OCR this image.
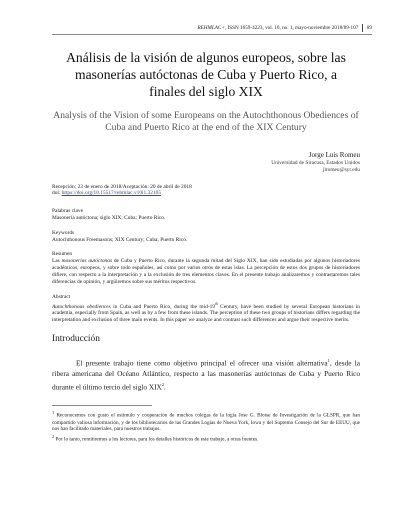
REHMLAC+ , ISSN 1659-4223, vol. 10, no. 1, mayo-noviembre 2018/89-107 89
Análisis de la visión de algunos europeos, sobre las masonerías autóctonas de Cuba y Puerto Rico, a finales del siglo XIX
Analysis of the Vision of some Europeans on the Autochthonous Obediences of Cuba and Puerto Rico at the end of the XIX Century
Jorge Luis Romeu
Universidad de Siracusa, Estados Unidos
jlromeu@syr.edu
Recepción: 23 de enero de 2018/Aceptación: 20 de abril de 2018
doi: https://doi.org/10.15517/rehmlac.v10i1.32105
Palabras clave
Masonería autóctona; siglo XIX; Cuba; Puerto Rico.
Keywords
Autochthonous Freemasons; XIX Century; Cuba; Puerto Rico.
Resumen

Las masonerías autóctonas de Cuba y Puerto Rico, durante la segunda mitad del Siglo XIX, han sido estudiadas por algunos historiadores académicos, europeos, y sobre todo españoles, así como por varios otros de estas islas. La percepción de estos dos grupos de historiadores difiere, con respecto a la interpretación y a la exclusión de tres elementos claves. En el presente trabajo analizaremos y contrastaremos tales diferencias de opinión, y argüiremos sobre sus méritos respectivos.

Abstract

Autochthonous obediences in Cuba and Puerto Rico, during the mid-19th Century, have been studied by several European historians in academia, especially from Spain, as well as by a few from these islands. The perception of these two groups of historians differs regarding the interpretation and exclusion of three main events. In this paper we analyze and contrast such differences and argue their respective merits.

Introducción

El presente trabajo tiene como objetivo principal el ofrecer una visión alternativa$^1$, desde la ribera americana del Océano Atlántico, respecto a las masonerías autóctonas de Cuba y Puerto Rico durante el último tercio del siglo XIX$^2$.

$^1$ Reconocemos con gusto el estímulo y cooperación de muchos colegas de la logia Jose G. Bloise de Investigación de la GLSPR, que han compartido valiosa información, y de los bibliotecarios de las Grandes Logias de Nueva York, Iowa y del Supremo Consejo del Sur de EEUU, que nos han facilitado materiales, para nuestros trabajos.

$^2$ Por lo tanto, remitiremos a los lectores, para los detalles históricos de este trabajo, a otras fuentes.
